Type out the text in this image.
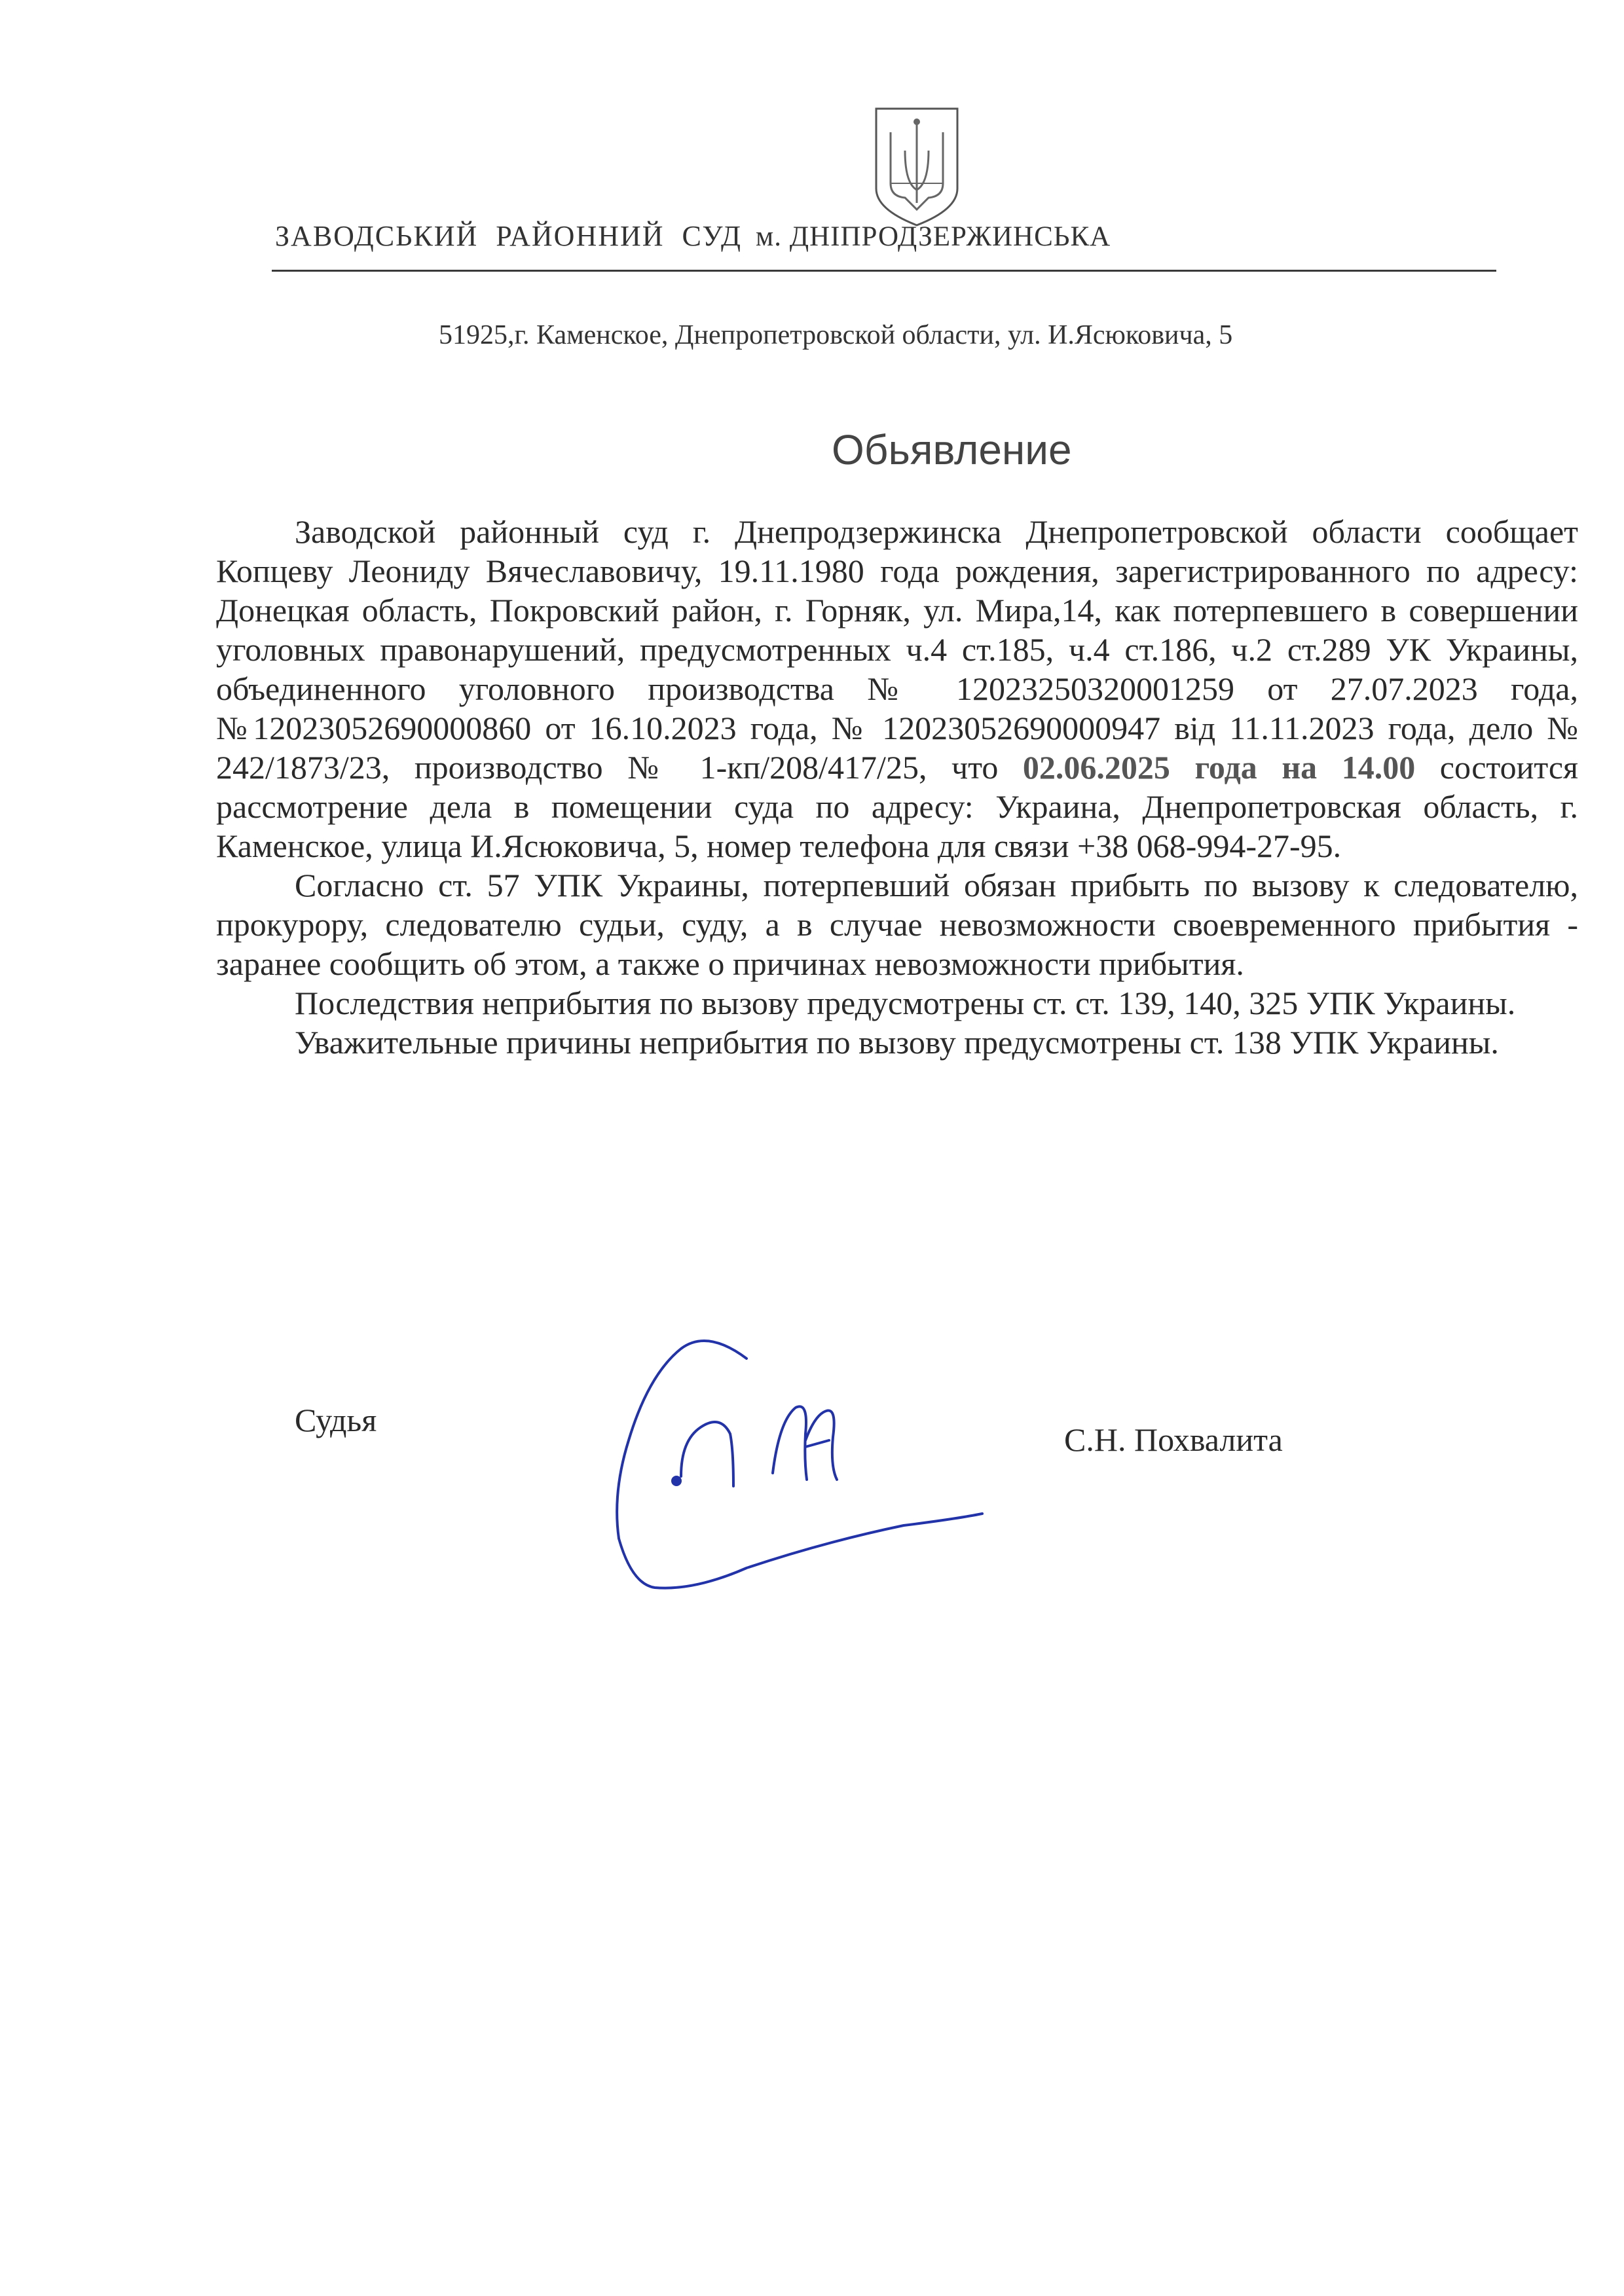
ЗАВОДСЬКИЙ РАЙОННИЙ СУД м. ДНІПРОДЗЕРЖИНСЬКА
51925,г. Каменское, Днепропетровской области, ул. И.Ясюковича, 5
Обьявление

Заводской районный суд г. Днепродзержинска Днепропетровской области сообщает Копцеву Леониду Вячеславовичу, 19.11.1980 года рождения, зарегистрированного по адресу: Донецкая область, Покровский район, г. Горняк, ул. Мира,14, как потерпевшего в совершении уголовных правонарушений, предусмотренных ч.4 ст.185, ч.4 ст.186, ч.2 ст.289 УК Украины, объединенного уголовного производства № 12023250320001259 от 27.07.2023 года, №12023052690000860 от 16.10.2023 года, № 12023052690000947 від 11.11.2023 года, дело № 242/1873/23, производство № 1-кп/208/417/25, что 02.06.2025 года на 14.00 состоится рассмотрение дела в помещении суда по адресу: Украина, Днепропетровская область, г. Каменское, улица И.Ясюковича, 5, номер телефона для связи +38 068-994-27-95.

Согласно ст. 57 УПК Украины, потерпевший обязан прибыть по вызову к следователю, прокурору, следователю судьи, суду, а в случае невозможности своевременного прибытия - заранее сообщить об этом, а также о причинах невозможности прибытия.

Последствия неприбытия по вызову предусмотрены ст. ст. 139, 140, 325 УПК Украины.

Уважительные причины неприбытия по вызову предусмотрены ст. 138 УПК Украины.

Судья
С.Н. Похвалита
